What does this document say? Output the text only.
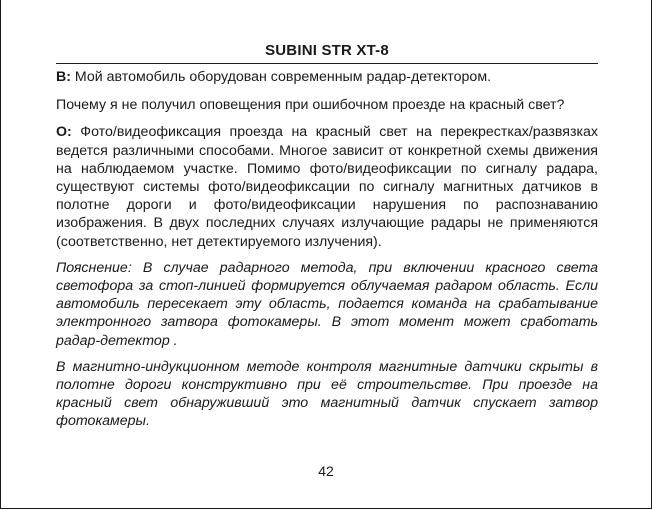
SUBINI STR XT-8

В: Мой автомобиль оборудован современным радар-детектором.

Почему я не получил оповещения при ошибочном проезде на красный свет?

О: Фото/видеофиксация проезда на красный свет на перекрестках/развязках ведется различными способами. Многое зависит от конкретной схемы движения на наблюдаемом участке. Помимо фото/видеофиксации по сигналу радара, существуют системы фото/видеофиксации по сигналу магнитных датчиков в полотне дороги и фото/видеофиксации нарушения по распознаванию изображения. В двух последних случаях излучающие радары не применяются (соответственно, нет детектируемого излучения).

Пояснение: В случае радарного метода, при включении красного света светофора за стоп-линией формируется облучаемая радаром область. Если автомобиль пересекает эту область, подается команда на срабатывание электронного затвора фотокамеры. В этот момент может сработать радар-детектор .

В магнитно-индукционном методе контроля магнитные датчики скрыты в полотне дороги конструктивно при её строительстве. При проезде на красный свет обнаруживший это магнитный датчик спускает затвор фотокамеры.

42
